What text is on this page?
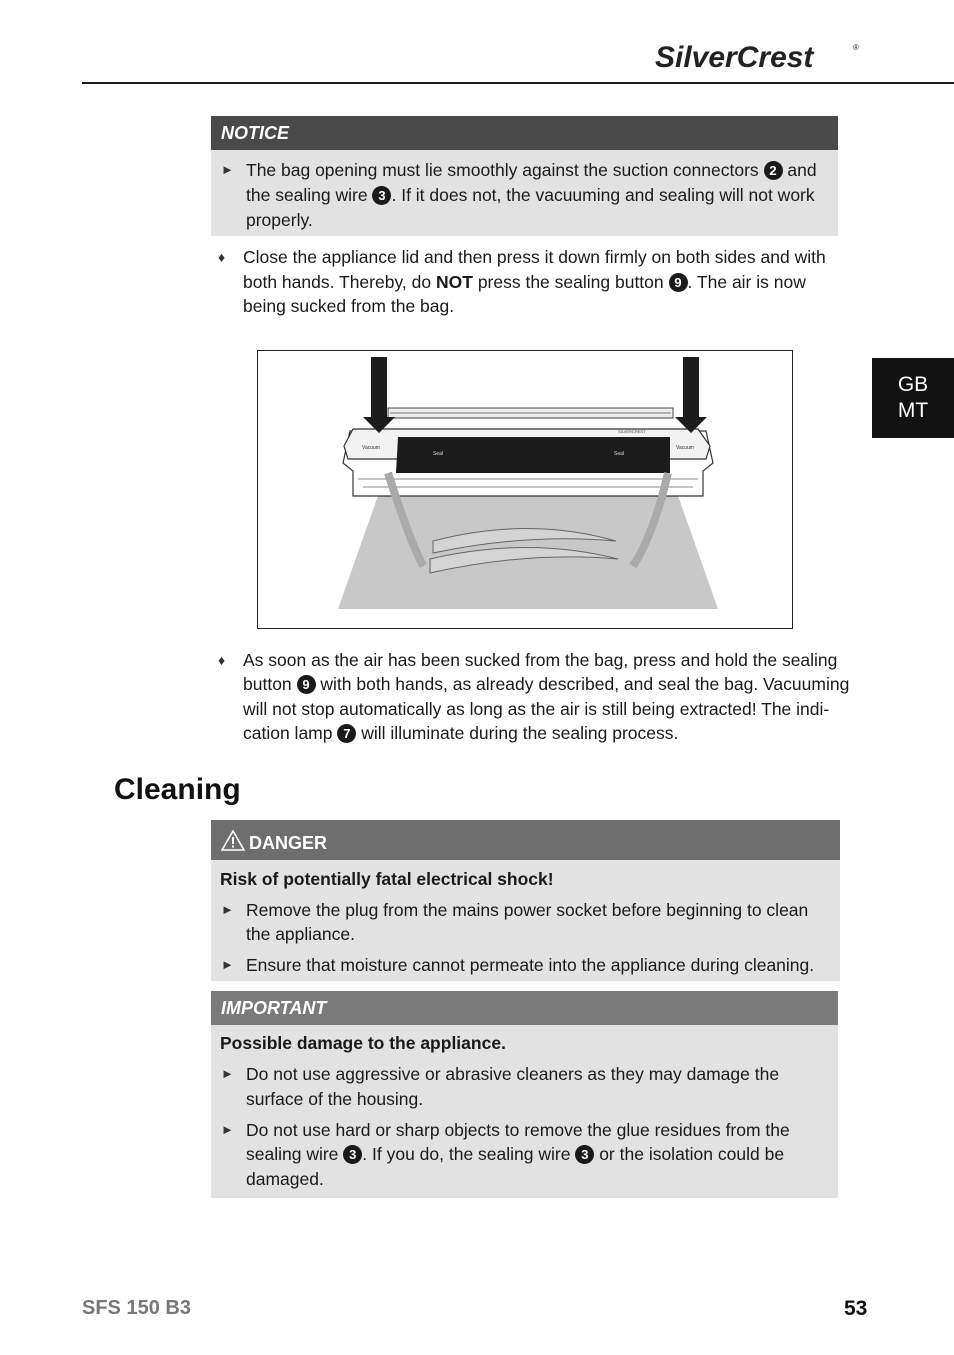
SilverCrest	®
GB
MT
NOTICE
► The bag opening must lie smoothly against the suction connectors 2 and
the sealing wire 3 . If it does not, the vacuuming and sealing will not work
properly.
♦ Close the appliance lid and then press it down firmly on both sides and with
both hands. Thereby, do NOT press the sealing button 9 . The air is now
being sucked from the bag.
SILVERCREST
Vacuum
Seal	Seal
Vacuum
♦ As soon as the air has been sucked from the bag, press and hold the sealing
button 9 with both hands, as already described, and seal the bag. Vacuuming
will not stop automatically as long as the air is still being extracted! The indi-
cation lamp 7 will illuminate during the sealing process.
Cleaning
DANGER
Risk of potentially fatal electrical shock!
► Remove the plug from the mains power socket before beginning to clean
the appliance.
► Ensure that moisture cannot permeate into the appliance during cleaning.
IMPORTANT
Possible damage to the appliance.
► Do not use aggressive or abrasive cleaners as they may damage the
surface of the housing.
► Do not use hard or sharp objects to remove the glue residues from the
sealing wire 3 . If you do, the sealing wire 3 or the isolation could be
damaged.
SFS 150 B3	53
